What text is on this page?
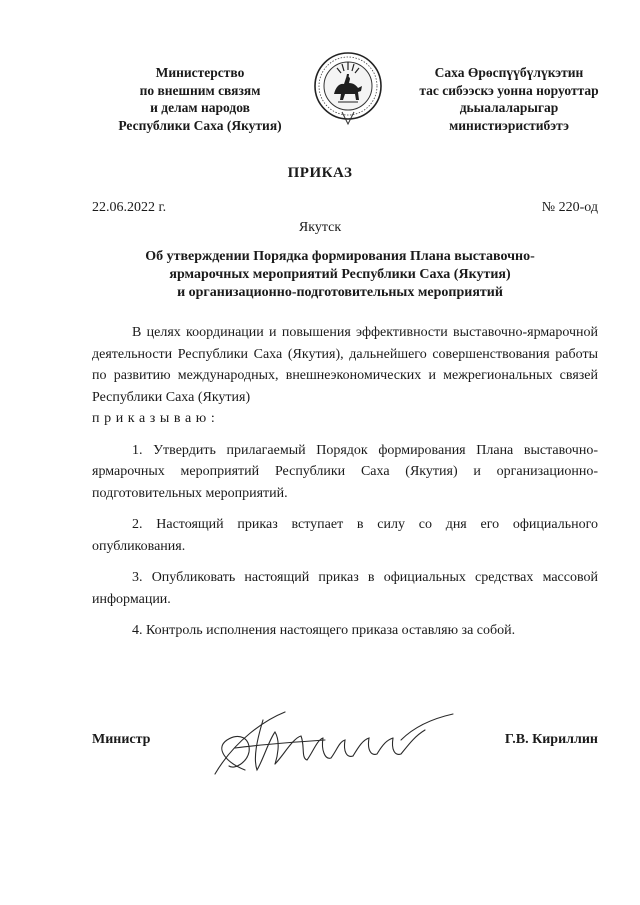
Министерство
по внешним связям
и делам народов
Республики Саха (Якутия)
Саха Өрөспүүбүлүкэтин
тас сибээскэ уонна норуоттар
дьыалаларыгар
министиэристибэтэ
ПРИКАЗ
22.06.2022 г.	№ 220-од
Якутск
Об утверждении Порядка формирования Плана выставочно-
ярмарочных мероприятий Республики Саха (Якутия)
и организационно-подготовительных мероприятий

В целях координации и повышения эффективности выставочно-ярмарочной деятельности Республики Саха (Якутия), дальнейшего совершенствования работы по развитию международных, внешнеэкономических и межрегиональных связей Республики Саха (Якутия)

приказываю:

1. Утвердить прилагаемый Порядок формирования Плана выставочно-ярмарочных мероприятий Республики Саха (Якутия) и организационно-подготовительных мероприятий.

2. Настоящий приказ вступает в силу со дня его официального опубликования.

3. Опубликовать настоящий приказ в официальных средствах массовой информации.

4. Контроль исполнения настоящего приказа оставляю за собой.

Министр	Г.В. Кириллин
